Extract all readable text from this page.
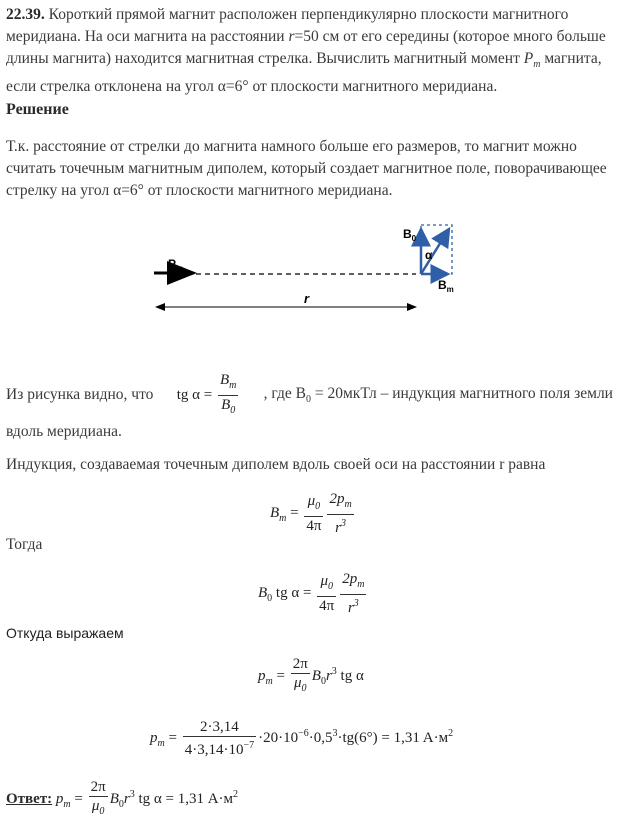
22.39. Короткий прямой магнит расположен перпендикулярно плоскости магнитного меридиана. На оси магнита на расстоянии r=50 см от его середины (которое много больше длины магнита) находится магнитная стрелка. Вычислить магнитный момент $P_m$ магнита, если стрелка отклонена на угол α=6° от плоскости магнитного меридиана.

Решение

Т.к. расстояние от стрелки до магнита намного больше его размеров, то магнит можно считать точечным магнитным диполем, который создает магнитное поле, поворачивающее стрелку на угол α=6° от плоскости магнитного меридиана.

$P_m$
r
$B_0$
α
$B_m$
Из рисунка видно, что tg $\alpha = \frac{B_m}{B_0}$ , где $B_0$ = 20мкТл – индукция магнитного поля земли
вдоль меридиана.
Индукция, создаваемая точечным диполем вдоль своей оси на расстоянии r равна
$B_m = \frac{\mu_0}{4\pi} \frac{2p_m}{r^3}$
Тогда
$B_0$ tg $\alpha = \frac{\mu_0}{4\pi} \frac{2p_m}{r^3}$
Откуда выражаем
$p_m = \frac{2\pi}{\mu_0} B_0r^3$ tg α
$p_m = \frac{2\cdot 3,14}{4\cdot 3,14\cdot 10^{-7}} \cdot 20\cdot 10^{-6}\cdot 0,5^3\cdot tg(6^\circ) = 1,31$ $A\cdot м^2$
Ответ: $p_m = \frac{2\pi}{\mu_0} B_0r^3$ tg α = 1,31 $A\cdot м^2$
